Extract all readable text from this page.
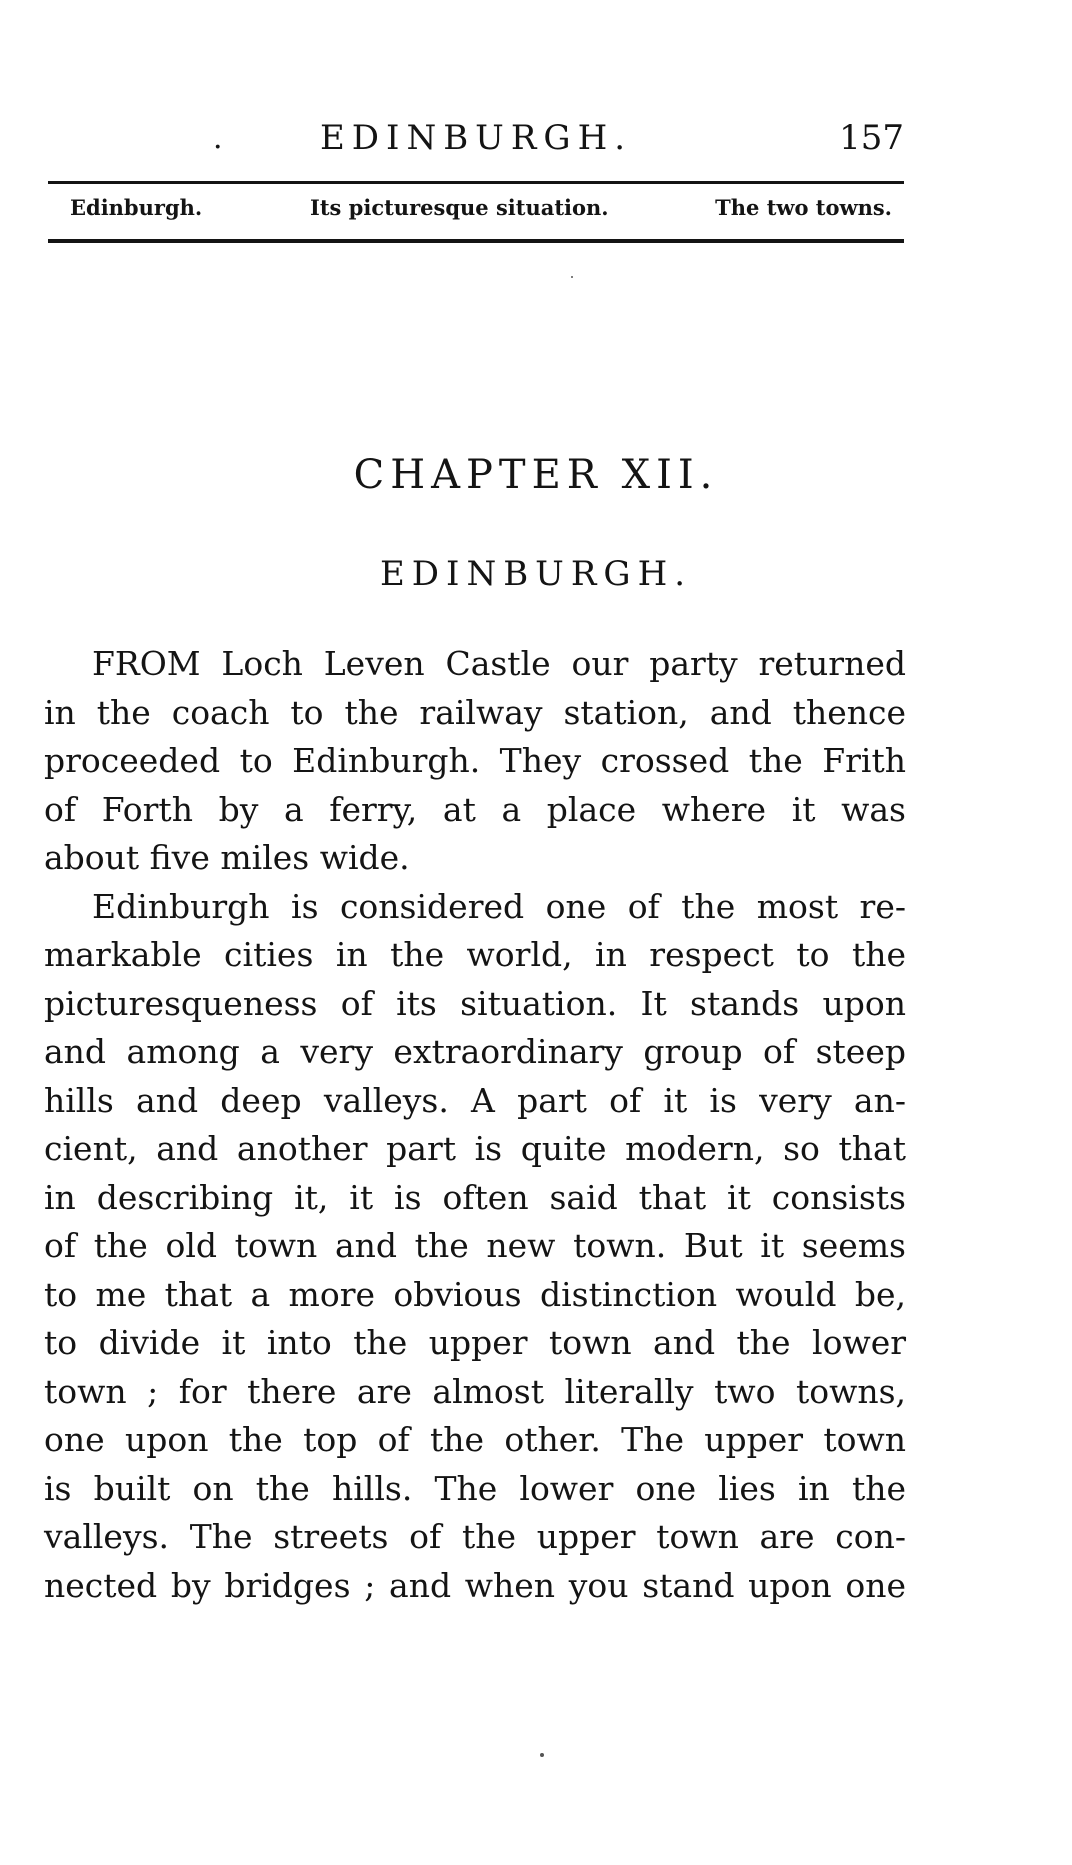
·	EDINBURGH.	157
Edinburgh.	Its picturesque situation.	The two towns.
CHAPTER XII.
EDINBURGH.
FROM Loch Leven Castle our party returned
in the coach to the railway station, and thence
proceeded to Edinburgh. They crossed the Frith
of Forth by a ferry, at a place where it was
about five miles wide.
Edinburgh is considered one of the most re-
markable cities in the world, in respect to the
picturesqueness of its situation. It stands upon
and among a very extraordinary group of steep
hills and deep valleys. A part of it is very an-
cient, and another part is quite modern, so that
in describing it, it is often said that it consists
of the old town and the new town. But it seems
to me that a more obvious distinction would be,
to divide it into the upper town and the lower
town ; for there are almost literally two towns,
one upon the top of the other. The upper town
is built on the hills. The lower one lies in the
valleys. The streets of the upper town are con-
nected by bridges ; and when you stand upon one
